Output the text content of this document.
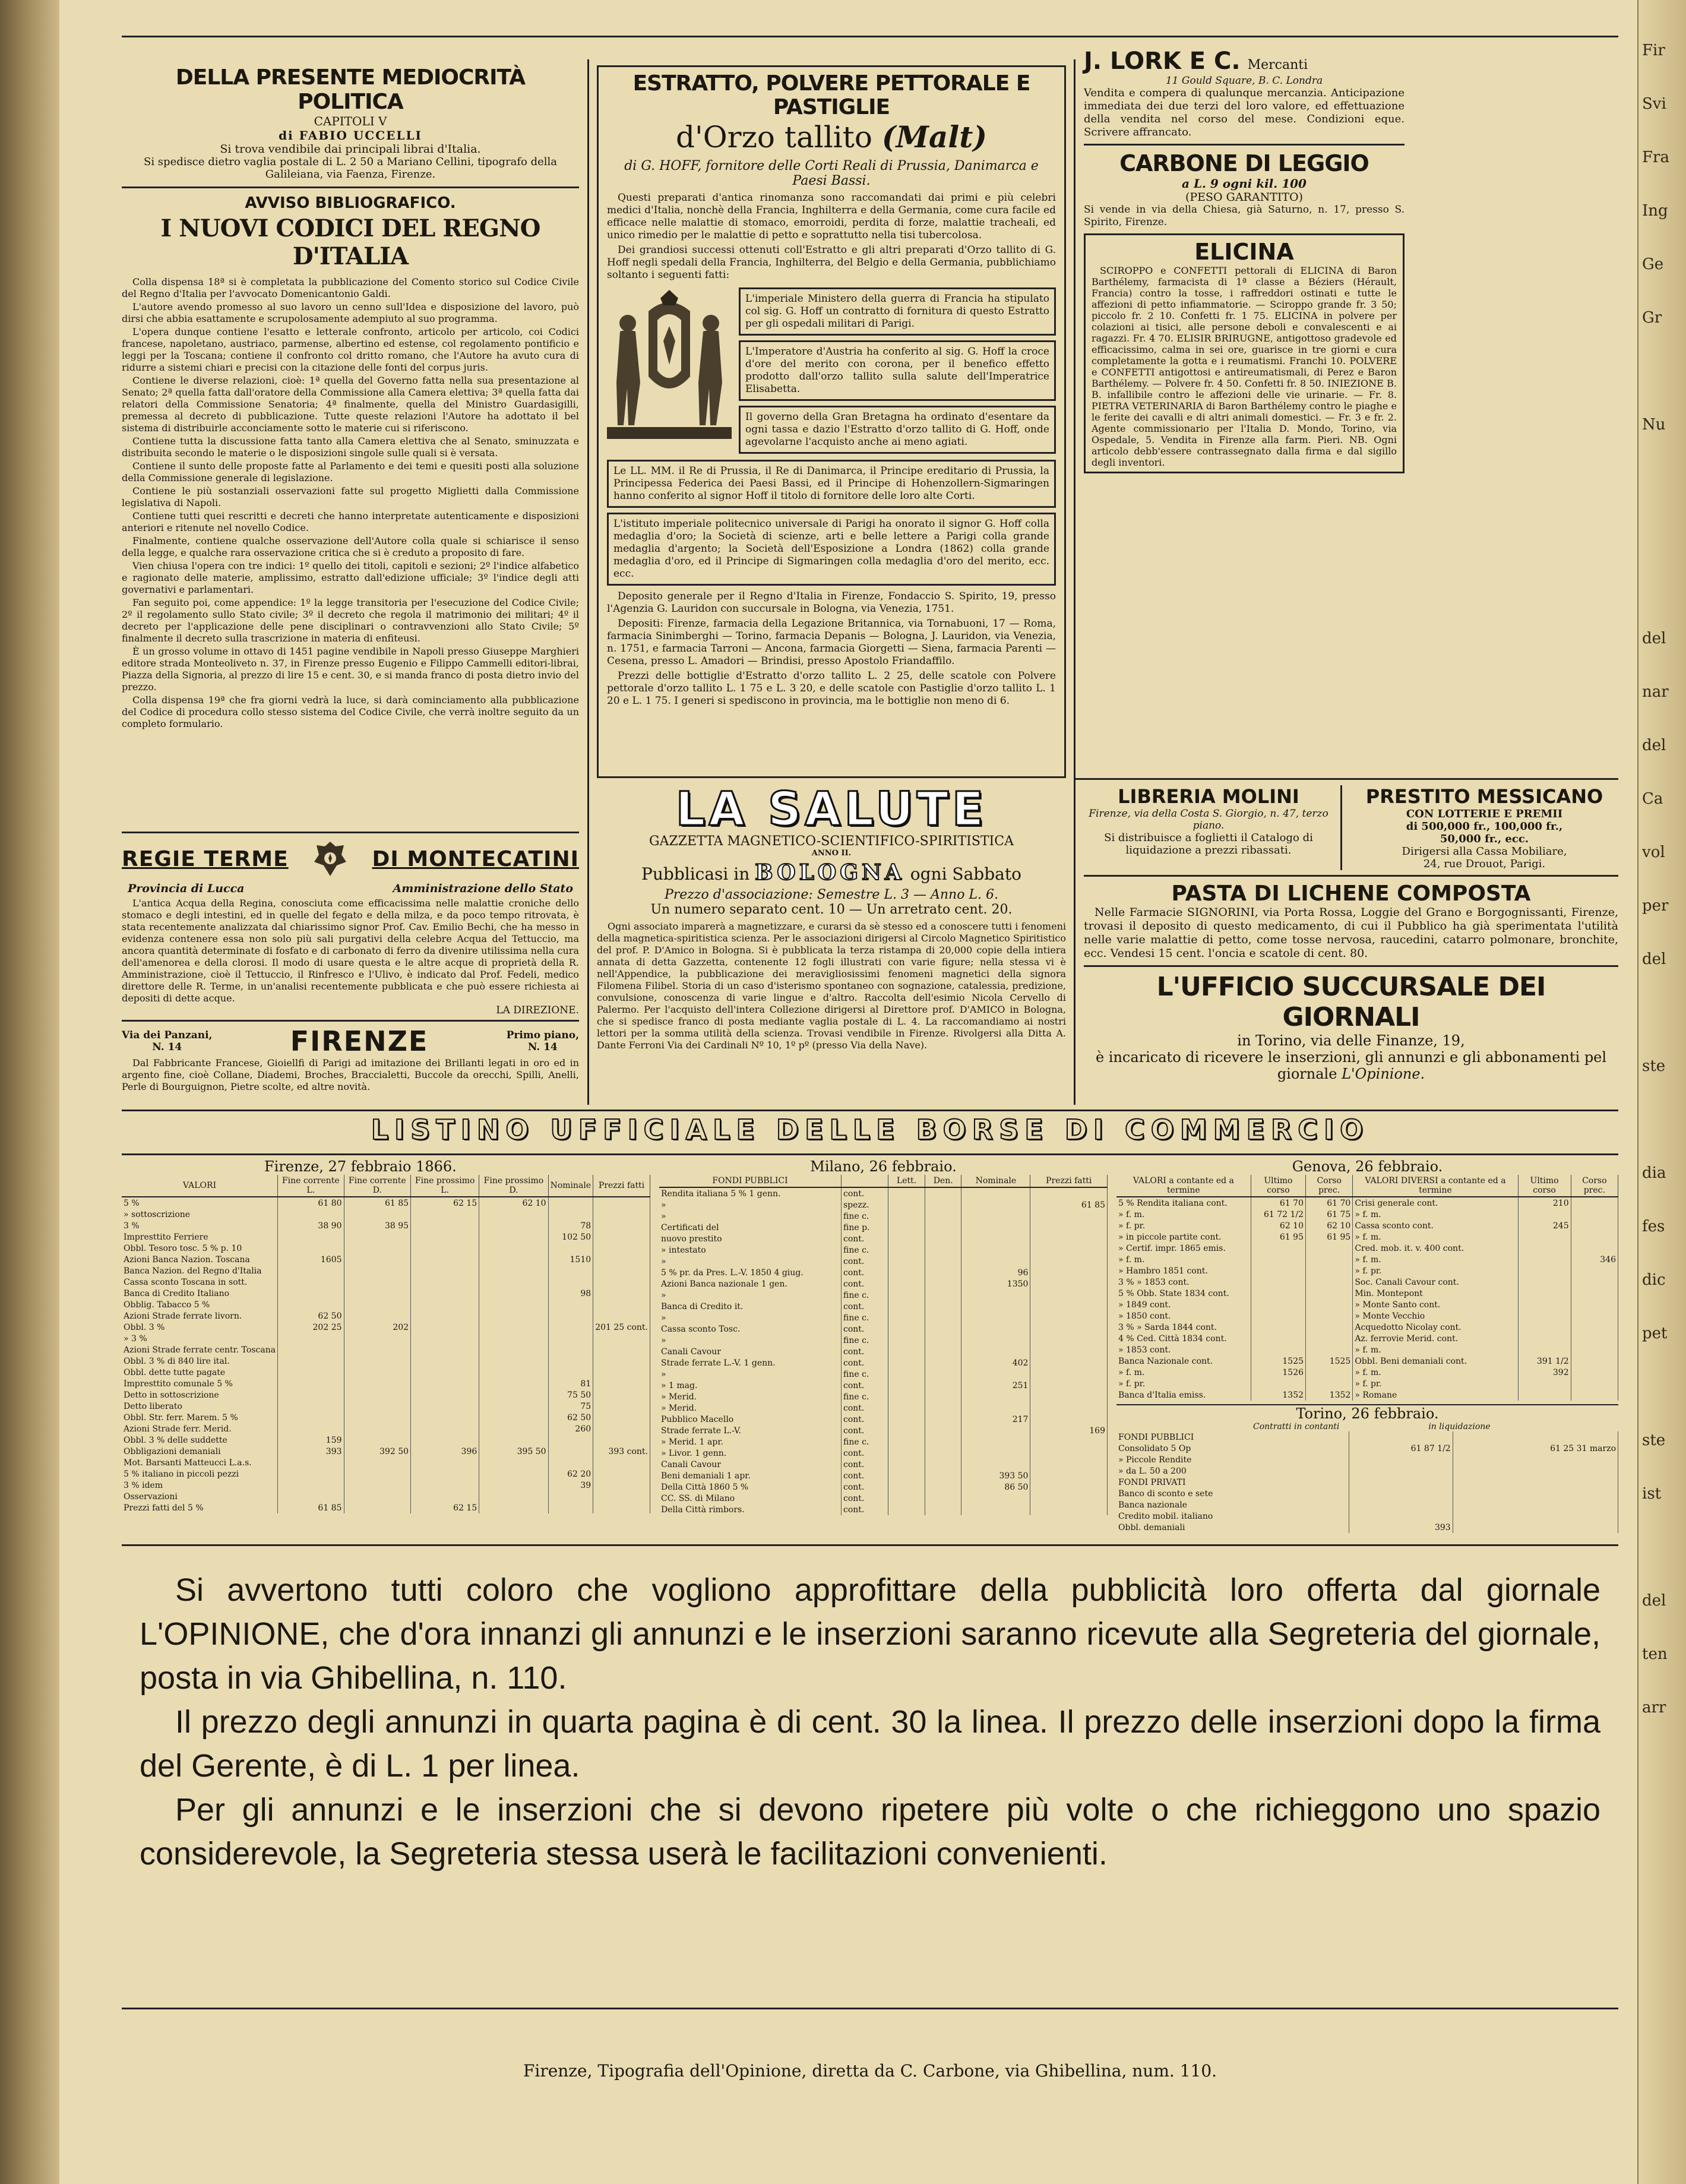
Fir
Svi
Fra
Ing
Ge
Gr

Nu

del
nar
del
Ca
vol
per
del

ste

dia
fes
dic
pet

ste
ist

del
ten
arr
DELLA PRESENTE MEDIOCRITÀ POLITICA
CAPITOLI V
di FABIO UCCELLI
Si trova vendibile dai principali librai d'Italia.
Si spedisce dietro vaglia postale di L. 2 50 a Mariano Cellini, tipografo della Galileiana, via Faenza, Firenze.
AVVISO BIBLIOGRAFICO.
I NUOVI CODICI DEL REGNO D'ITALIA

Colla dispensa 18ª si è completata la pubblicazione del Comento storico sul Codice Civile del Regno d'Italia per l'avvocato Domenicantonio Galdi.

L'autore avendo promesso al suo lavoro un cenno sull'Idea e disposizione del lavoro, può dirsi che abbia esattamente e scrupolosamente adempiuto al suo programma.

L'opera dunque contiene l'esatto e letterale confronto, articolo per articolo, coi Codici francese, napoletano, austriaco, parmense, albertino ed estense, col regolamento pontificio e leggi per la Toscana; contiene il confronto col dritto romano, che l'Autore ha avuto cura di ridurre a sistemi chiari e precisi con la citazione delle fonti del corpus juris.

Contiene le diverse relazioni, cioè: 1ª quella del Governo fatta nella sua presentazione al Senato; 2ª quella fatta dall'oratore della Commissione alla Camera elettiva; 3ª quella fatta dai relatori della Commissione Senatoria; 4ª finalmente, quella del Ministro Guardasigilli, premessa al decreto di pubblicazione. Tutte queste relazioni l'Autore ha adottato il bel sistema di distribuirle acconciamente sotto le materie cui si riferiscono.

Contiene tutta la discussione fatta tanto alla Camera elettiva che al Senato, sminuzzata e distribuita secondo le materie o le disposizioni singole sulle quali si è versata.

Contiene il sunto delle proposte fatte al Parlamento e dei temi e quesiti posti alla soluzione della Commissione generale di legislazione.

Contiene le più sostanziali osservazioni fatte sul progetto Miglietti dalla Commissione legislativa di Napoli.

Contiene tutti quei rescritti e decreti che hanno interpretate autenticamente e disposizioni anteriori e ritenute nel novello Codice.

Finalmente, contiene qualche osservazione dell'Autore colla quale si schiarisce il senso della legge, e qualche rara osservazione critica che si è creduto a proposito di fare.

Vien chiusa l'opera con tre indici: 1º quello dei titoli, capitoli e sezioni; 2º l'indice alfabetico e ragionato delle materie, amplissimo, estratto dall'edizione ufficiale; 3º l'indice degli atti governativi e parlamentari.

Fan seguito poi, come appendice: 1º la legge transitoria per l'esecuzione del Codice Civile; 2º il regolamento sullo Stato civile; 3º il decreto che regola il matrimonio dei militari; 4º il decreto per l'applicazione delle pene disciplinari o contravvenzioni allo Stato Civile; 5º finalmente il decreto sulla trascrizione in materia di enfiteusi.

È un grosso volume in ottavo di 1451 pagine vendibile in Napoli presso Giuseppe Marghieri editore strada Monteoliveto n. 37, in Firenze presso Eugenio e Filippo Cammelli editori-librai, Piazza della Signoria, al prezzo di lire 15 e cent. 30, e si manda franco di posta dietro invio del prezzo.

Colla dispensa 19ª che fra giorni vedrà la luce, si darà cominciamento alla pubblicazione del Codice di procedura collo stesso sistema del Codice Civile, che verrà inoltre seguito da un completo formulario.

REGIE TERME	DI MONTECATINI
Provincia di Lucca	Amministrazione dello Stato
L'antica Acqua della Regina, conosciuta come efficacissima nelle malattie croniche dello stomaco e degli intestini, ed in quelle del fegato e della milza, e da poco tempo ritrovata, è stata recentemente analizzata dal chiarissimo signor Prof. Cav. Emilio Bechi, che ha messo in evidenza contenere essa non solo più sali purgativi della celebre Acqua del Tettuccio, ma ancora quantità determinate di fosfato e di carbonato di ferro da divenire utilissima nella cura dell'amenorea e della clorosi. Il modo di usare questa e le altre acque di proprietà della R. Amministrazione, cioè il Tettuccio, il Rinfresco e l'Ulivo, è indicato dal Prof. Fedeli, medico direttore delle R. Terme, in un'analisi recentemente pubblicata e che può essere richiesta ai depositi di dette acque.
LA DIREZIONE.
Via dei Panzani,
N. 14	FIRENZE	Primo piano,
N. 14
Dal Fabbricante Francese, Gioiellfi di Parigi ad imitazione dei Brillanti legati in oro ed in argento fine, cioè Collane, Diademi, Broches, Braccialetti, Buccole da orecchi, Spilli, Anelli, Perle di Bourguignon, Pietre scolte, ed altre novità.
ESTRATTO, POLVERE PETTORALE E PASTIGLIE
d'Orzo tallito (Malt)
di G. HOFF, fornitore delle Corti Reali di Prussia, Danimarca e Paesi Bassi.
Questi preparati d'antica rinomanza sono raccomandati dai primi e più celebri medici d'Italia, nonchè della Francia, Inghilterra e della Germania, come cura facile ed efficace nelle malattie di stomaco, emorroidi, perdita di forze, malattie tracheali, ed unico rimedio per le malattie di petto e soprattutto nella tisi tubercolosa.
Dei grandiosi successi ottenuti coll'Estratto e gli altri preparati d'Orzo tallito di G. Hoff negli spedali della Francia, Inghilterra, del Belgio e della Germania, pubblichiamo soltanto i seguenti fatti:
L'imperiale Ministero della guerra di Francia ha stipulato col sig. G. Hoff un contratto di fornitura di questo Estratto per gli ospedali militari di Parigi.
L'Imperatore d'Austria ha conferito al sig. G. Hoff la croce d'ore del merito con corona, per il benefico effetto prodotto dall'orzo tallito sulla salute dell'Imperatrice Elisabetta.
Il governo della Gran Bretagna ha ordinato d'esentare da ogni tassa e dazio l'Estratto d'orzo tallito di G. Hoff, onde agevolarne l'acquisto anche ai meno agiati.
Le LL. MM. il Re di Prussia, il Re di Danimarca, il Principe ereditario di Prussia, la Principessa Federica dei Paesi Bassi, ed il Principe di Hohenzollern-Sigmaringen hanno conferito al signor Hoff il titolo di fornitore delle loro alte Corti.
L'istituto imperiale politecnico universale di Parigi ha onorato il signor G. Hoff colla medaglia d'oro; la Società di scienze, arti e belle lettere a Parigi colla grande medaglia d'argento; la Società dell'Esposizione a Londra (1862) colla grande medaglia d'oro, ed il Principe di Sigmaringen colla medaglia d'oro del merito, ecc. ecc.
Deposito generale per il Regno d'Italia in Firenze, Fondaccio S. Spirito, 19, presso l'Agenzia G. Lauridon con succursale in Bologna, via Venezia, 1751.
Depositi: Firenze, farmacia della Legazione Britannica, via Tornabuoni, 17 — Roma, farmacia Sinimberghi — Torino, farmacia Depanis — Bologna, J. Lauridon, via Venezia, n. 1751, e farmacia Tarroni — Ancona, farmacia Giorgetti — Siena, farmacia Parenti — Cesena, presso L. Amadori — Brindisi, presso Apostolo Friandaffilo.
Prezzi delle bottiglie d'Estratto d'orzo tallito L. 2 25, delle scatole con Polvere pettorale d'orzo tallito L. 1 75 e L. 3 20, e delle scatole con Pastiglie d'orzo tallito L. 1 20 e L. 1 75. I generi si spediscono in provincia, ma le bottiglie non meno di 6.
LA SALUTE
GAZZETTA MAGNETICO-SCIENTIFICO-SPIRITISTICA
ANNO II.
Pubblicasi in BOLOGNA ogni Sabbato
Prezzo d'associazione: Semestre L. 3 — Anno L. 6.
Un numero separato cent. 10 — Un arretrato cent. 20.
Ogni associato imparerà a magnetizzare, e curarsi da sè stesso ed a conoscere tutti i fenomeni della magnetica-spiritistica scienza. Per le associazioni dirigersi al Circolo Magnetico Spiritistico del prof. P. D'Amico in Bologna. Si è pubblicata la terza ristampa di 20,000 copie della intiera annata di detta Gazzetta, contenente 12 fogli illustrati con varie figure; nella stessa vi è nell'Appendice, la pubblicazione dei meravigliosissimi fenomeni magnetici della signora Filomena Filibel. Storia di un caso d'isterismo spontaneo con sognazione, catalessia, predizione, convulsione, conoscenza di varie lingue e d'altro. Raccolta dell'esimio Nicola Cervello di Palermo. Per l'acquisto dell'intera Collezione dirigersi al Direttore prof. D'AMICO in Bologna, che si spedisce franco di posta mediante vaglia postale di L. 4. La raccomandiamo ai nostri lettori per la somma utilità della scienza. Trovasi vendibile in Firenze. Rivolgersi alla Ditta A. Dante Ferroni Via dei Cardinali Nº 10, 1º pº (presso Via della Nave).
J. LORK E C. Mercanti
11 Gould Square, B. C. Londra
Vendita e compera di qualunque mercanzia. Anticipazione immediata dei due terzi del loro valore, ed effettuazione della vendita nel corso del mese. Condizioni eque. Scrivere affrancato.
CARBONE DI LEGGIO
a L. 9 ogni kil. 100
(PESO GARANTITO)
Si vende in via della Chiesa, già Saturno, n. 17, presso S. Spirito, Firenze.
ELICINA
SCIROPPO e CONFETTI pettorali di ELICINA di Baron Barthélemy, farmacista di 1ª classe a Béziers (Hérault, Francia) contro la tosse, i raffreddori ostinati e tutte le affezioni di petto infiammatorie. — Sciroppo grande fr. 3 50; piccolo fr. 2 10. Confetti fr. 1 75. ELICINA in polvere per colazioni ai tisici, alle persone deboli e convalescenti e ai ragazzi. Fr. 4 70. ELISIR BRIRUGNE, antigottoso gradevole ed efficacissimo, calma in sei ore, guarisce in tre giorni e cura completamente la gotta e i reumatismi. Franchi 10. POLVERE e CONFETTI antigottosi e antireumatismali, di Perez e Baron Barthélemy. — Polvere fr. 4 50. Confetti fr. 8 50. INIEZIONE B. B. infallibile contro le affezioni delle vie urinarie. — Fr. 8. PIETRA VETERINARIA di Baron Barthélemy contro le piaghe e le ferite dei cavalli e di altri animali domestici. — Fr. 3 e fr. 2. Agente commissionario per l'Italia D. Mondo, Torino, via Ospedale, 5. Vendita in Firenze alla farm. Pieri. NB. Ogni articolo debb'essere contrassegnato dalla firma e dal sigillo degli inventori.
LIBRERIA MOLINI
Firenze, via della Costa S. Giorgio, n. 47, terzo piano.
Si distribuisce a foglietti il Catalogo di liquidazione a prezzi ribassati.
PRESTITO MESSICANO
CON LOTTERIE E PREMII
di 500,000 fr., 100,000 fr.,
50,000 fr., ecc.
Dirigersi alla Cassa Mobiliare,
24, rue Drouot, Parigi.
PASTA DI LICHENE COMPOSTA
Nelle Farmacie SIGNORINI, via Porta Rossa, Loggie del Grano e Borgognissanti, Firenze, trovasi il deposito di questo medicamento, di cui il Pubblico ha già sperimentata l'utilità nelle varie malattie di petto, come tosse nervosa, raucedini, catarro polmonare, bronchite, ecc. Vendesi 15 cent. l'oncia e scatole di cent. 80.
L'UFFICIO SUCCURSALE DEI GIORNALI
in Torino, via delle Finanze, 19,
è incaricato di ricevere le inserzioni, gli annunzi e gli abbonamenti pel giornale L'Opinione.
LISTINO UFFICIALE DELLE BORSE DI COMMERCIO
Firenze, 27 febbraio 1866.
VALORI	Fine corrente L.	Fine corrente D.	Fine prossimo L.	Fine prossimo D.	Nominale	Prezzi fatti
5 %	61 80	61 85	62 15	62 10		
» sottoscrizione						
3 %	38 90	38 95			78	
Impresttito Ferriere					102 50	
Obbl. Tesoro tosc. 5 % p. 10						
Azioni Banca Nazion. Toscana	1605				1510	
Banca Nazion. del Regno d'Italia						
Cassa sconto Toscana in sott.						
Banca di Credito Italiano					98	
Obblig. Tabacco 5 %						
Azioni Strade ferrate livorn.	62 50					
Obbl. 3 %	202 25	202				201 25 cont.
» 3 %						
Azioni Strade ferrate centr. Toscana						
Obbl. 3 % di 840 lire ital.						
Obbl. dette tutte pagate						
Impresttito comunale 5 %					81	
Detto in sottoscrizione					75 50	
Detto liberato					75	
Obbl. Str. ferr. Marem. 5 %					62 50	
Azioni Strade ferr. Merid.					260	
Obbl. 3 % delle suddette	159					
Obbligazioni demaniali	393	392 50	396	395 50		393 cont.
Mot. Barsanti Matteucci L.a.s.						
5 % italiano in piccoli pezzi					62 20	
3 % idem					39	
Osservazioni						
Prezzi fatti del 5 %	61 85		62 15			
Milano, 26 febbraio.
FONDI PUBBLICI		Lett.	Den.	Nominale	Prezzi fatti
Rendita italiana 5 % 1 genn.	cont.				
»	spezz.				61 85
»	fine c.				
Certificati del	fine p.				
nuovo prestito	cont.				
» intestato	fine c.				
»	cont.				
5 % pr. da Pres. L.-V. 1850 4 giug.	cont.			96	
Azioni Banca nazionale 1 gen.	cont.			1350	
»	fine c.				
Banca di Credito it.	cont.				
»	fine c.				
Cassa sconto Tosc.	cont.				
»	fine c.				
Canali Cavour	cont.				
Strade ferrate L.-V. 1 genn.	cont.			402	
»	fine c.				
» 1 mag.	cont.			251	
» Merid.	fine c.				
» Merid.	cont.				
Pubblico Macello	cont.			217	
Strade ferrate L.-V.	cont.				169
» Merid. 1 apr.	fine c.				
» Livor. 1 genn.	cont.				
Canali Cavour	cont.				
Beni demaniali 1 apr.	cont.			393 50	
Della Città 1860 5 %	cont.			86 50	
CC. SS. di Milano	cont.				
Della Città rimbors.	cont.				
Genova, 26 febbraio.
VALORI a contante ed a termine	Ultimo corso	Corso prec.	VALORI DIVERSI a contante ed a termine	Ultimo corso	Corso prec.
5 % Rendita italiana cont.	61 70	61 70	Crisi generale cont.	210	
» f. m.	61 72 1/2	61 75	» f. m.		
» f. pr.	62 10	62 10	Cassa sconto cont.	245	
» in piccole partite cont.	61 95	61 95	» f. m.		
» Certif. impr. 1865 emis.			Cred. mob. it. v. 400 cont.		
» f. m.			» f. m.		346
» Hambro 1851 cont.			» f. pr.		
3 % » 1853 cont.			Soc. Canali Cavour cont.		
5 % Obb. State 1834 cont.			Min. Montepont		
» 1849 cont.			» Monte Santo cont.		
» 1850 cont.			» Monte Vecchio		
3 % » Sarda 1844 cont.			Acquedotto Nicolay cont.		
4 % Ced. Città 1834 cont.			Az. ferrovie Merid. cont.		
» 1853 cont.			» f. m.		
Banca Nazionale cont.	1525	1525	Obbl. Beni demaniali cont.	391 1/2	
» f. m.	1526		» f. m.	392	
» f. pr.			» f. pr.		
Banca d'Italia emiss.	1352	1352	» Romane		
Torino, 26 febbraio.
Contratti in contanti	in liquidazione
FONDI PUBBLICI		
Consolidato 5 Op	61 87 1/2	61 25 31 marzo
» Piccole Rendite		
» da L. 50 a 200		
FONDI PRIVATI		
Banco di sconto e sete		
Banca nazionale		
Credito mobil. italiano		
Obbl. demaniali	393	

Si avvertono tutti coloro che vogliono approfittare della pubblicità loro offerta dal giornale L'OPINIONE, che d'ora innanzi gli annunzi e le inserzioni saranno ricevute alla Segreteria del giornale, posta in via Ghibellina, n. 110.

Il prezzo degli annunzi in quarta pagina è di cent. 30 la linea. Il prezzo delle inserzioni dopo la firma del Gerente, è di L. 1 per linea.

Per gli annunzi e le inserzioni che si devono ripetere più volte o che richieggono uno spazio considerevole, la Segreteria stessa userà le facilitazioni convenienti.

Firenze, Tipografia dell'Opinione, diretta da C. Carbone, via Ghibellina, num. 110.
